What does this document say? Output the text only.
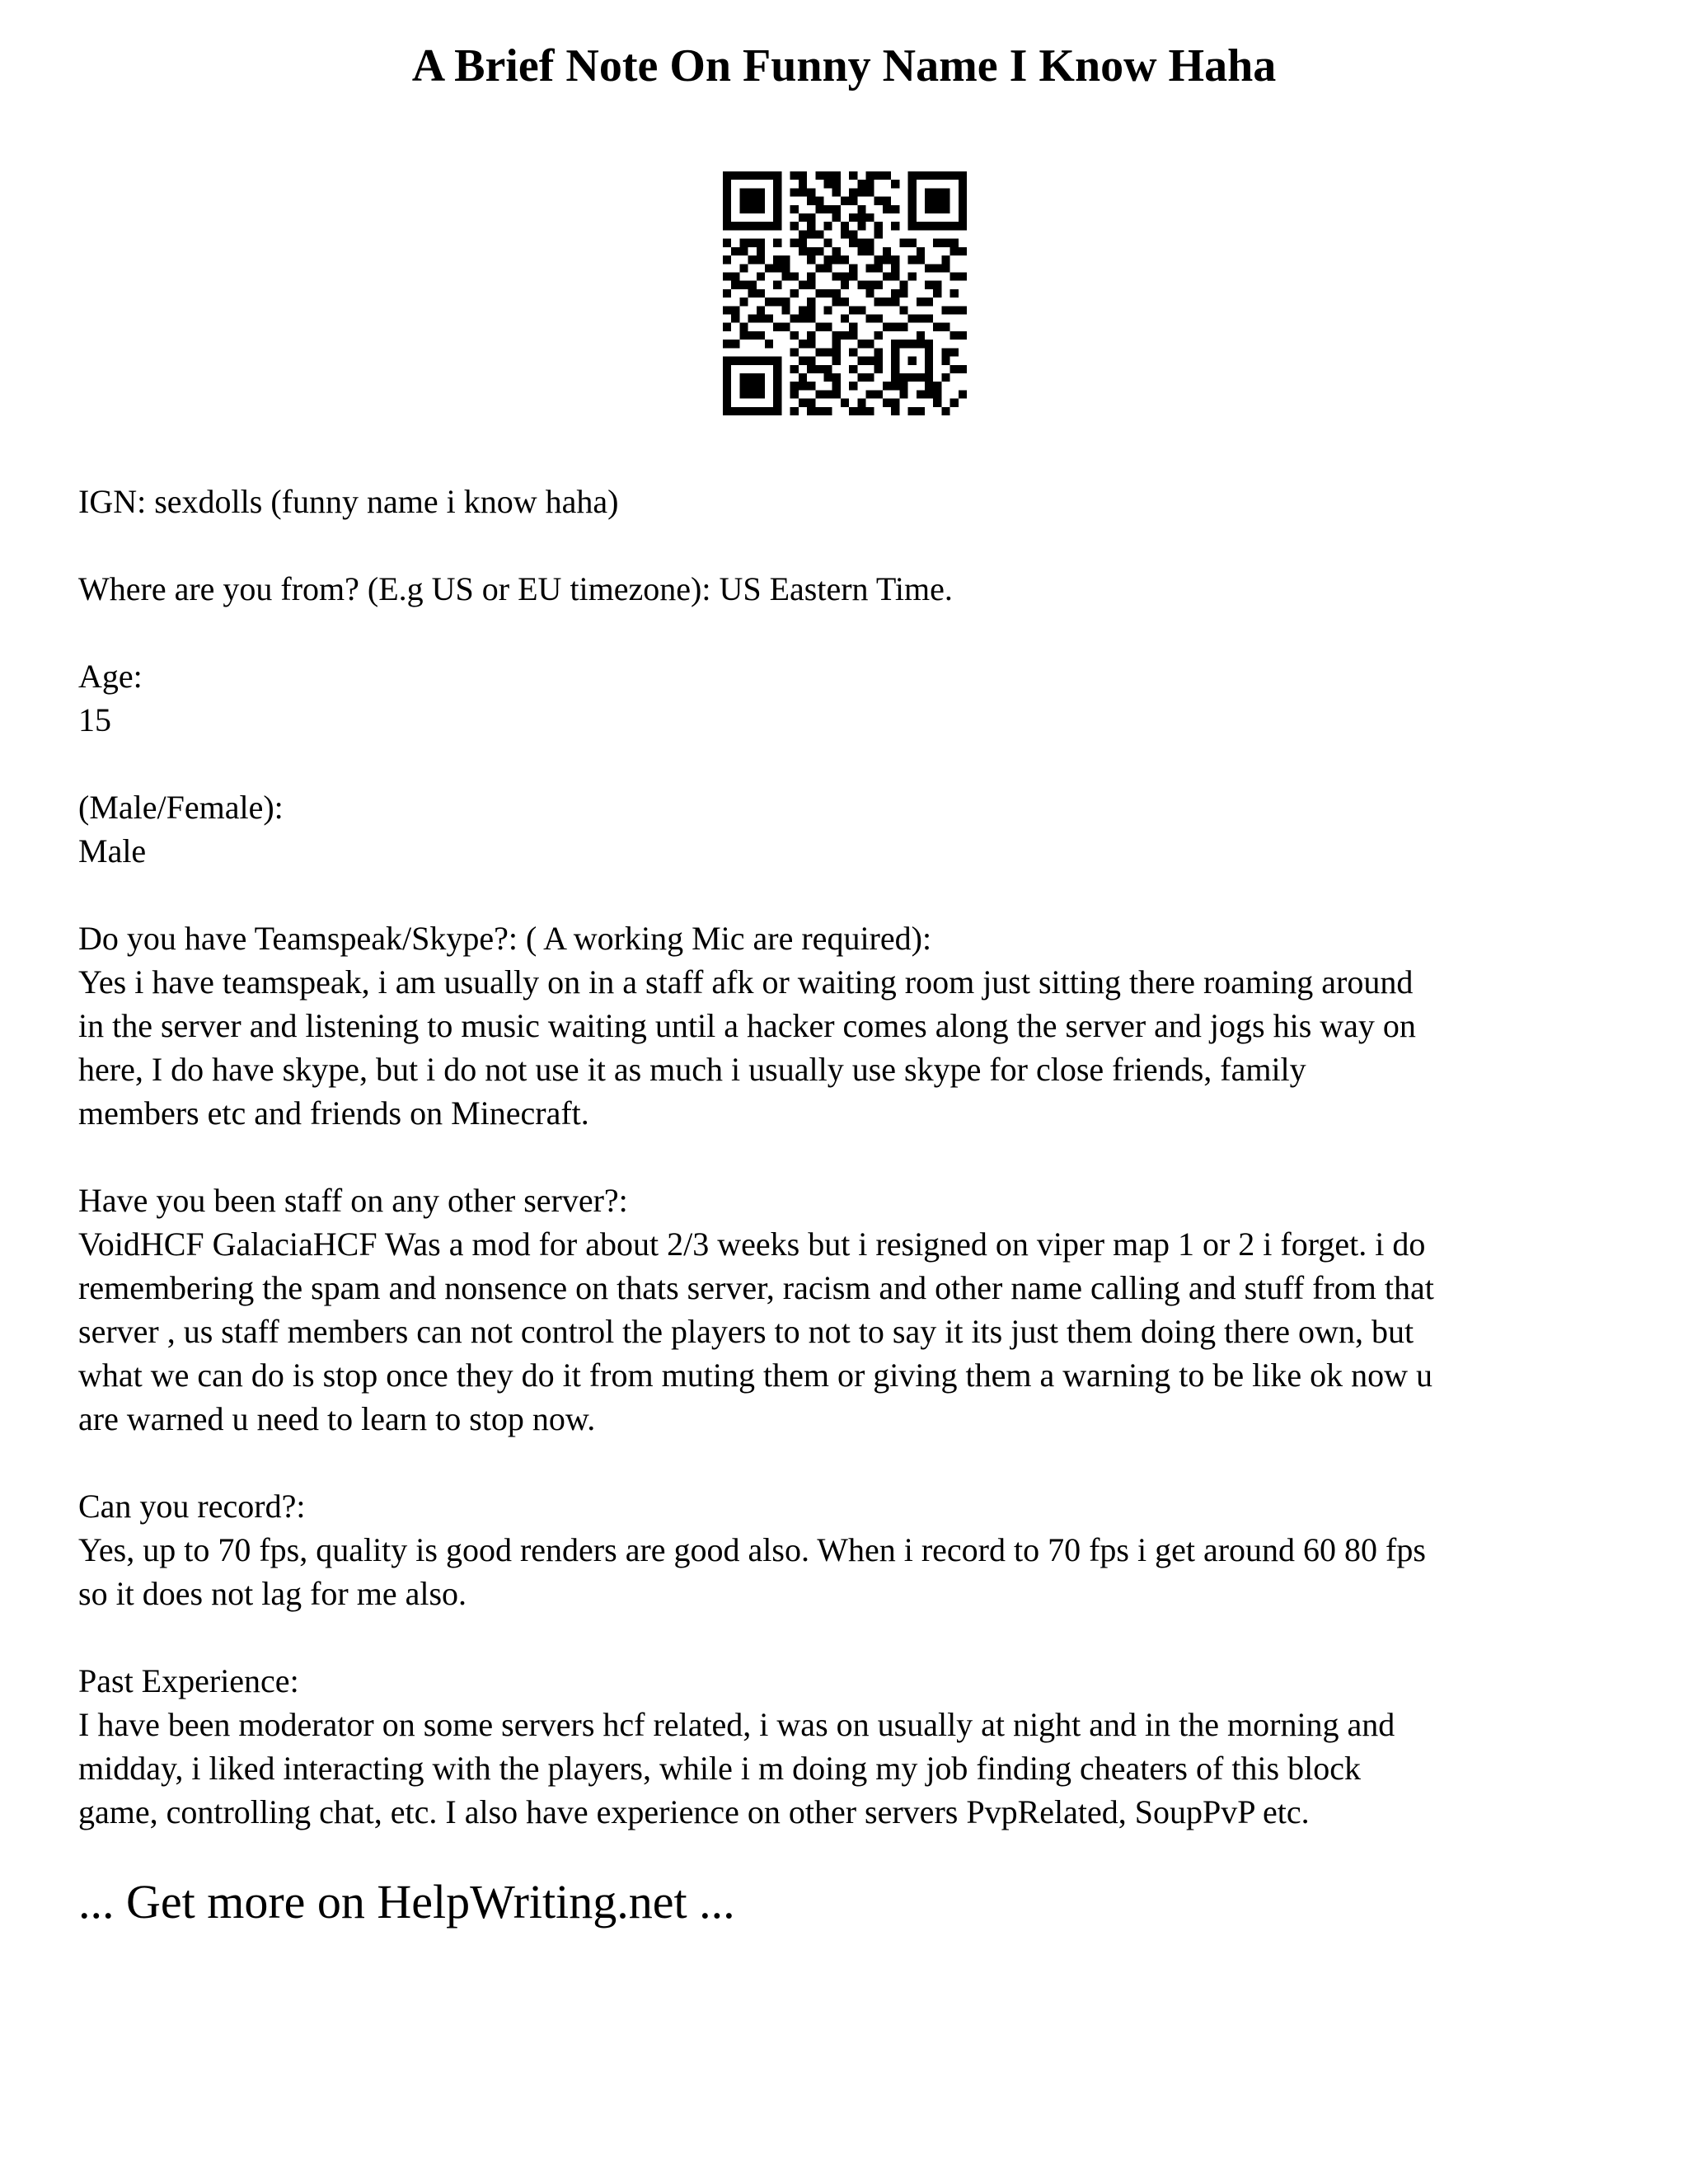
A Brief Note On Funny Name I Know Haha
IGN: sexdolls (funny name i know haha)
Where are you from? (E.g US or EU timezone): US Eastern Time.
Age:
15
(Male/Female):
Male
Do you have Teamspeak/Skype?: ( A working Mic are required):
Yes i have teamspeak, i am usually on in a staff afk or waiting room just sitting there roaming around
in the server and listening to music waiting until a hacker comes along the server and jogs his way on
here, I do have skype, but i do not use it as much i usually use skype for close friends, family
members etc and friends on Minecraft.
Have you been staff on any other server?:
VoidHCF GalaciaHCF Was a mod for about 2/3 weeks but i resigned on viper map 1 or 2 i forget. i do
remembering the spam and nonsence on thats server, racism and other name calling and stuff from that
server , us staff members can not control the players to not to say it its just them doing there own, but
what we can do is stop once they do it from muting them or giving them a warning to be like ok now u
are warned u need to learn to stop now.
Can you record?:
Yes, up to 70 fps, quality is good renders are good also. When i record to 70 fps i get around 60 80 fps
so it does not lag for me also.
Past Experience:
I have been moderator on some servers hcf related, i was on usually at night and in the morning and
midday, i liked interacting with the players, while i m doing my job finding cheaters of this block
game, controlling chat, etc. I also have experience on other servers PvpRelated, SoupPvP etc.
... Get more on HelpWriting.net ...
